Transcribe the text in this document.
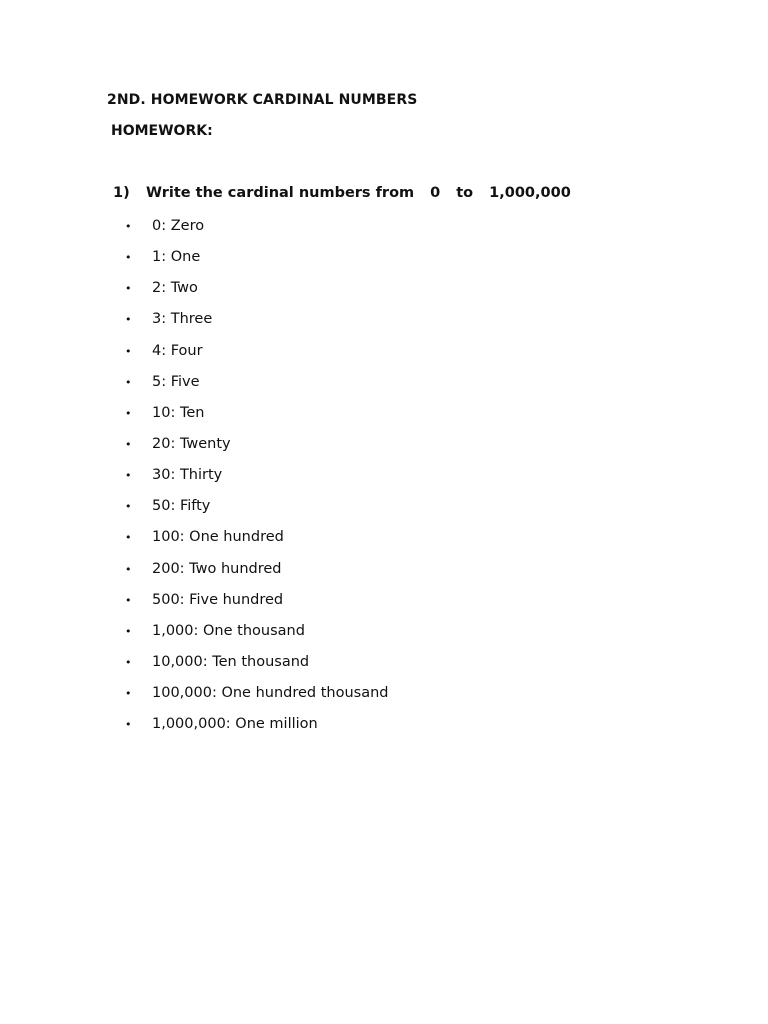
2ND. HOMEWORK CARDINAL NUMBERS
HOMEWORK:
1) Write the cardinal numbers from 0 to 1,000,000
•	0: Zero
•	1: One
•	2: Two
•	3: Three
•	4: Four
•	5: Five
•	10: Ten
•	20: Twenty
•	30: Thirty
•	50: Fifty
•	100: One hundred
•	200: Two hundred
•	500: Five hundred
•	1,000: One thousand
•	10,000: Ten thousand
•	100,000: One hundred thousand
•	1,000,000: One million
